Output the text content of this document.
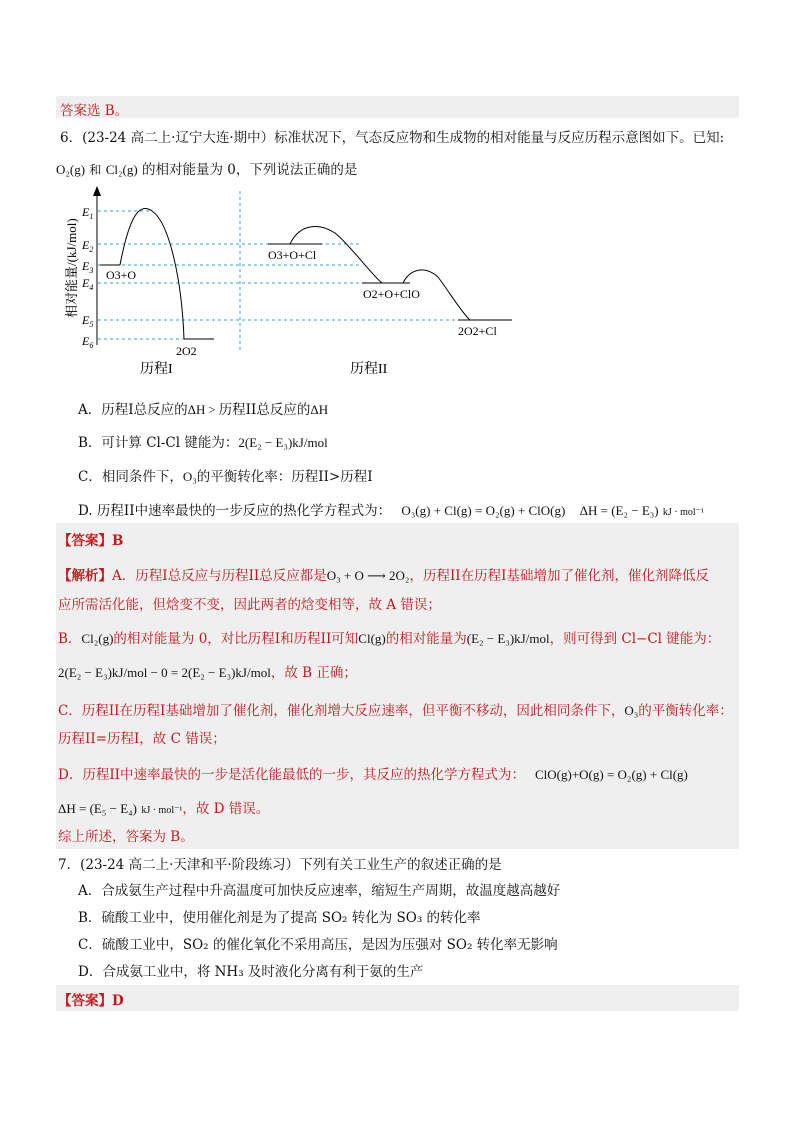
答案选 B。
6．(23-24 高二上·辽宁大连·期中）标准状况下，气态反应物和生成物的相对能量与反应历程示意图如下。已知:
O₂(g) 和 Cl₂(g) 的相对能量为 0，下列说法正确的是
相对能量/(kJ/mol)
$E_1$
$E_2$
$E_3$
$E_4$
$E_5$
$E_6$
O3+O
2O2
O3+O+Cl
O2+O+ClO
2O2+Cl
历程I	历程II
A．历程I总反应的ΔH > 历程II总反应的ΔH
B．可计算 Cl-Cl 键能为：2(E₂ − E₃)kJ/mol
C．相同条件下，O₃的平衡转化率：历程II>历程I
D. 历程II中速率最快的一步反应的热化学方程式为： O₃(g) + Cl(g) = O₂(g) + ClO(g) ΔH = (E₂ − E₃) kJ · mol⁻¹
【答案】B
【解析】A．历程I总反应与历程II总反应都是O₃ + O ⟶ 2O₂，历程II在历程I基础增加了催化剂，催化剂降低反
应所需活化能，但焓变不变，因此两者的焓变相等，故 A 错误；
B．Cl₂(g)的相对能量为 0，对比历程I和历程II可知Cl(g)的相对能量为(E₂ − E₃)kJ/mol，则可得到 Cl−Cl 键能为：
2(E₂ − E₃)kJ/mol − 0 = 2(E₂ − E₃)kJ/mol，故 B 正确；
C．历程II在历程I基础增加了催化剂，催化剂增大反应速率，但平衡不移动，因此相同条件下，O₃的平衡转化率：
历程II=历程I，故 C 错误；
D．历程II中速率最快的一步是活化能最低的一步，其反应的热化学方程式为： ClO(g)+O(g) = O₂(g) + Cl(g)
ΔH = (E₅ − E₄) kJ · mol⁻¹，故 D 错误。
综上所述，答案为 B。
7．(23-24 高二上·天津和平·阶段练习）下列有关工业生产的叙述正确的是
A．合成氨生产过程中升高温度可加快反应速率，缩短生产周期，故温度越高越好
B．硫酸工业中，使用催化剂是为了提高 SO₂ 转化为 SO₃ 的转化率
C．硫酸工业中，SO₂ 的催化氧化不采用高压，是因为压强对 SO₂ 转化率无影响
D．合成氨工业中，将 NH₃ 及时液化分离有利于氨的生产
【答案】D
